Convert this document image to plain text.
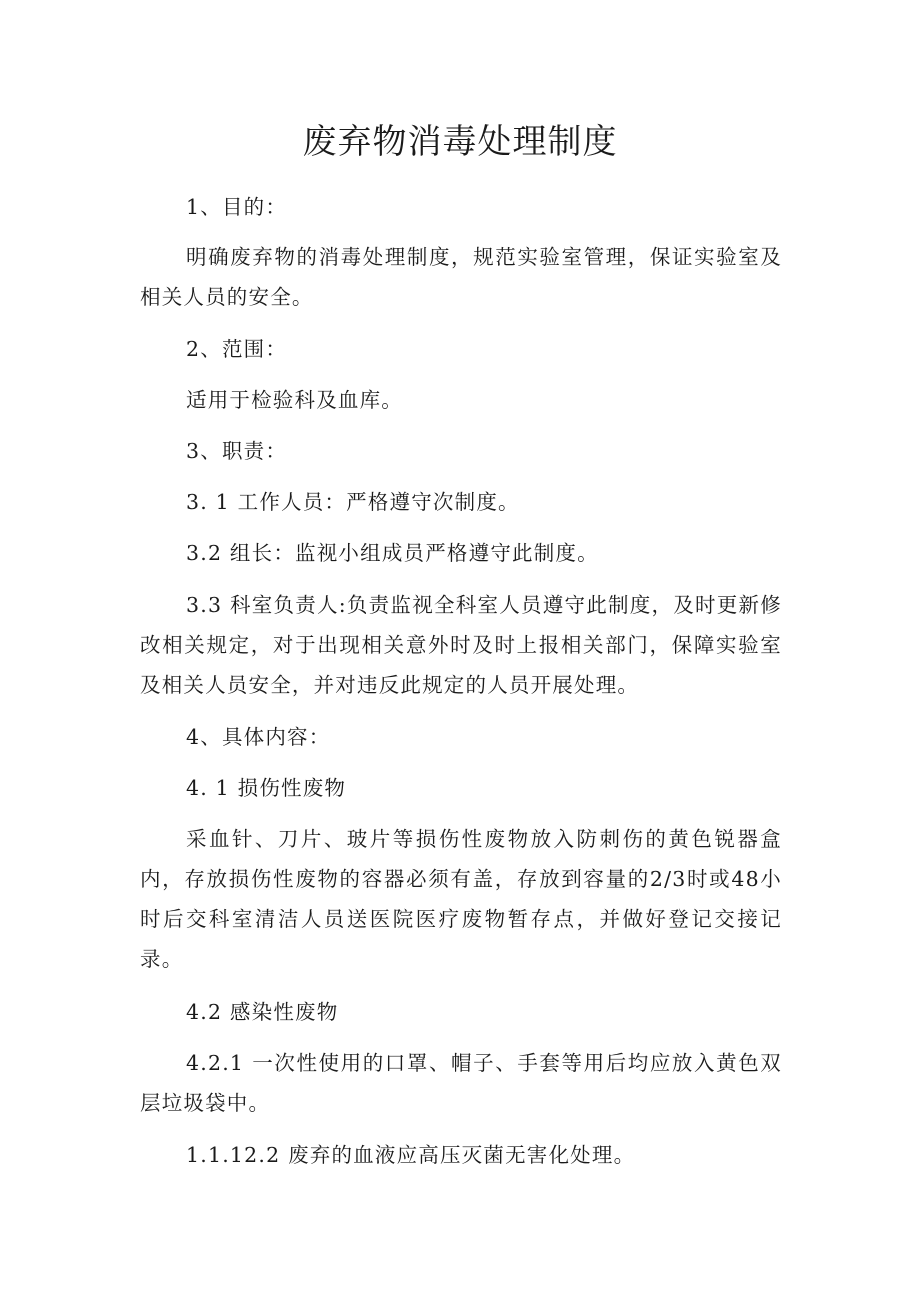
废弃物消毒处理制度

1、目的：

明确废弃物的消毒处理制度，规范实验室管理，保证实验室及相关人员的安全。

2、范围：

适用于检验科及血库。

3、职责：

3. 1 工作人员：严格遵守次制度。

3.2 组长：监视小组成员严格遵守此制度。

3.3 科室负责人:负责监视全科室人员遵守此制度，及时更新修改相关规定，对于出现相关意外时及时上报相关部门，保障实验室及相关人员安全，并对违反此规定的人员开展处理。

4、具体内容：

4. 1 损伤性废物

采血针、刀片、玻片等损伤性废物放入防刺伤的黄色锐器盒内，存放损伤性废物的容器必须有盖，存放到容量的2/3时或48小时后交科室清洁人员送医院医疗废物暂存点，并做好登记交接记录。

4.2 感染性废物

4.2.1 一次性使用的口罩、帽子、手套等用后均应放入黄色双层垃圾袋中。

1.1.12.2 废弃的血液应高压灭菌无害化处理。
